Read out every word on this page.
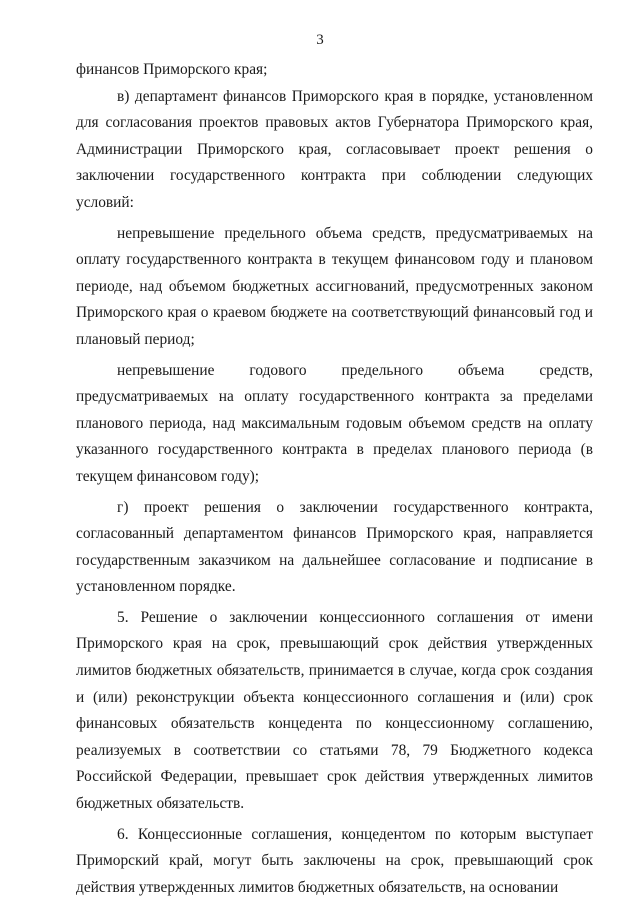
3

финансов Приморского края;

в) департамент финансов Приморского края в порядке, установленном для согласования проектов правовых актов Губернатора Приморского края, Администрации Приморского края, согласовывает проект решения о заключении государственного контракта при соблюдении следующих условий:

непревышение предельного объема средств, предусматриваемых на оплату государственного контракта в текущем финансовом году и плановом периоде, над объемом бюджетных ассигнований, предусмотренных законом Приморского края о краевом бюджете на соответствующий финансовый год и плановый период;

непревышение годового предельного объема средств, предусматриваемых на оплату государственного контракта за пределами планового периода, над максимальным годовым объемом средств на оплату указанного государственного контракта в пределах планового периода (в текущем финансовом году);

г) проект решения о заключении государственного контракта, согласованный департаментом финансов Приморского края, направляется государственным заказчиком на дальнейшее согласование и подписание в установленном порядке.

5. Решение о заключении концессионного соглашения от имени Приморского края на срок, превышающий срок действия утвержденных лимитов бюджетных обязательств, принимается в случае, когда срок создания и (или) реконструкции объекта концессионного соглашения и (или) срок финансовых обязательств концедента по концессионному соглашению, реализуемых в соответствии со статьями 78, 79 Бюджетного кодекса Российской Федерации, превышает срок действия утвержденных лимитов бюджетных обязательств.

6. Концессионные соглашения, концедентом по которым выступает Приморский край, могут быть заключены на срок, превышающий срок действия утвержденных лимитов бюджетных обязательств, на основании
